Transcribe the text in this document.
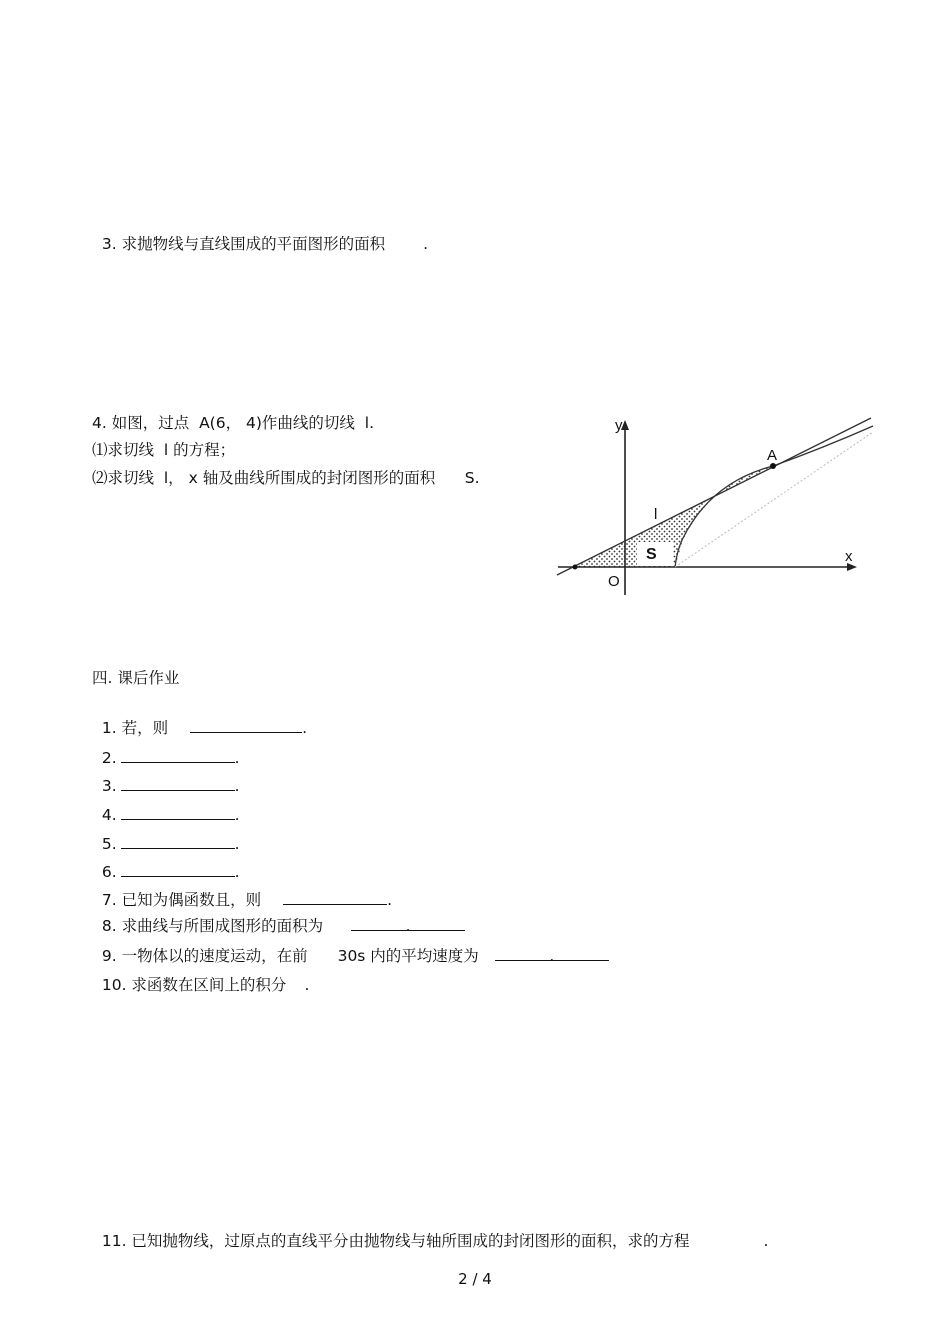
3. 求抛物线与直线围成的平面图形的面积 .

4. 如图，过点  A(6， 4)作曲线的切线  l.
⑴求切线  l 的方程；
⑵求切线  l， x 轴及曲线所围成的封闭图形的面积      S.
y
x
O
A
l
S
四. 课后作业

1. 若，则	.

2.	.

3.	.

4.	.

5.	.

6.	.

7. 已知为偶函数且，则	.

8. 求曲线与所围成图形的面积为	.

9. 一物体以的速度运动，在前 30s 内的平均速度为	.

10. 求函数在区间上的积分 .

11. 已知抛物线，过原点的直线平分由抛物线与轴所围成的封闭图形的面积，求的方程	.

2 / 4
